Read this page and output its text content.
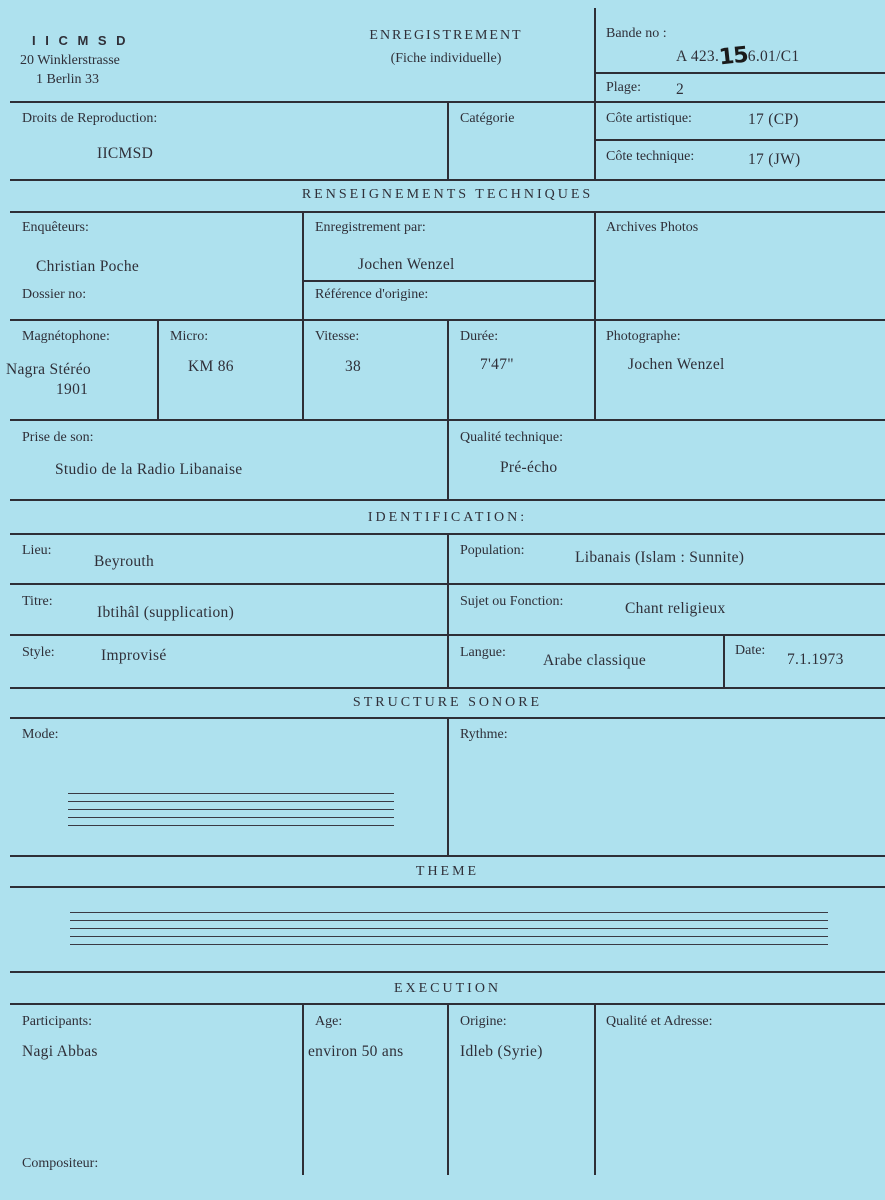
I I C M S D
20 Winklerstrasse
1 Berlin 33
ENREGISTREMENT
(Fiche individuelle)
Bande no :
A 423.156.01/C1
Plage: 2
Droits de Reproduction:
IICMSD
Catégorie	Côte artistique:	17 (CP)
Côte technique:	17 (JW)
RENSEIGNEMENTS TECHNIQUES
Enquêteurs:
Christian Poche
Dossier no:
Enregistrement par:
Jochen Wenzel
Référence d'origine:
Archives Photos
Magnétophone:
Nagra Stéréo
1901
Micro:
KM 86
Vitesse:
38
Durée:
7'47"
Photographe:
Jochen Wenzel
Prise de son:
Studio de la Radio Libanaise
Qualité technique:
Pré-écho
IDENTIFICATION:
Lieu:
Beyrouth
Population:	Libanais (Islam : Sunnite)
Titre:
Ibtihâl (supplication)
Sujet ou Fonction:	Chant religieux
Style:	Improvisé	Langue: Arabe classique
Date:
7.1.1973
STRUCTURE SONORE
Mode:	Rythme:
THEME
EXECUTION
Participants:
Nagi Abbas
Age:
environ 50 ans
Origine:
Idleb (Syrie)
Qualité et Adresse:
Compositeur:
